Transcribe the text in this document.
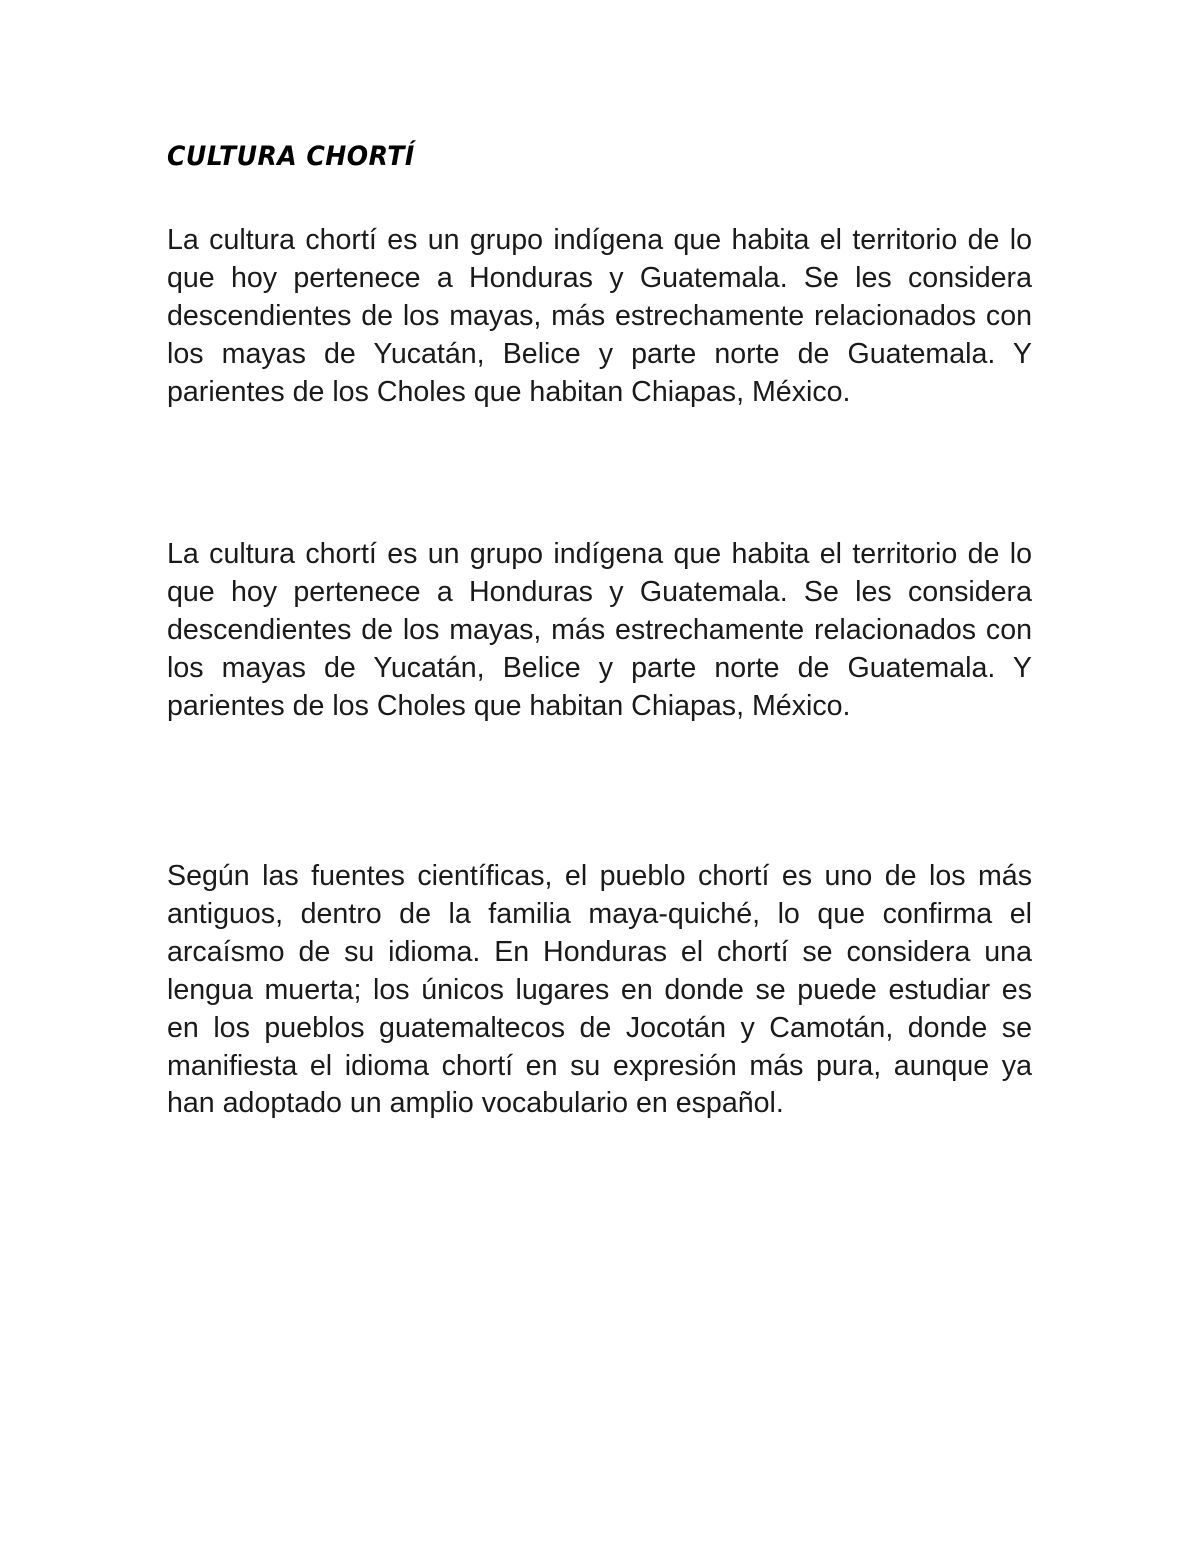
CULTURA CHORTÍ

La cultura chortí es un grupo indígena que habita el territorio de lo que hoy pertenece a Honduras y Guatemala. Se les considera descendientes de los mayas, más estrechamente relacionados con los mayas de Yucatán, Belice y parte norte de Guatemala. Y parientes de los Choles que habitan Chiapas, México.

La cultura chortí es un grupo indígena que habita el territorio de lo que hoy pertenece a Honduras y Guatemala. Se les considera descendientes de los mayas, más estrechamente relacionados con los mayas de Yucatán, Belice y parte norte de Guatemala. Y parientes de los Choles que habitan Chiapas, México.

Según las fuentes científicas, el pueblo chortí es uno de los más antiguos, dentro de la familia maya-quiché, lo que confirma el arcaísmo de su idioma. En Honduras el chortí se considera una lengua muerta; los únicos lugares en donde se puede estudiar es en los pueblos guatemaltecos de Jocotán y Camotán, donde se manifiesta el idioma chortí en su expresión más pura, aunque ya han adoptado un amplio vocabulario en español.
